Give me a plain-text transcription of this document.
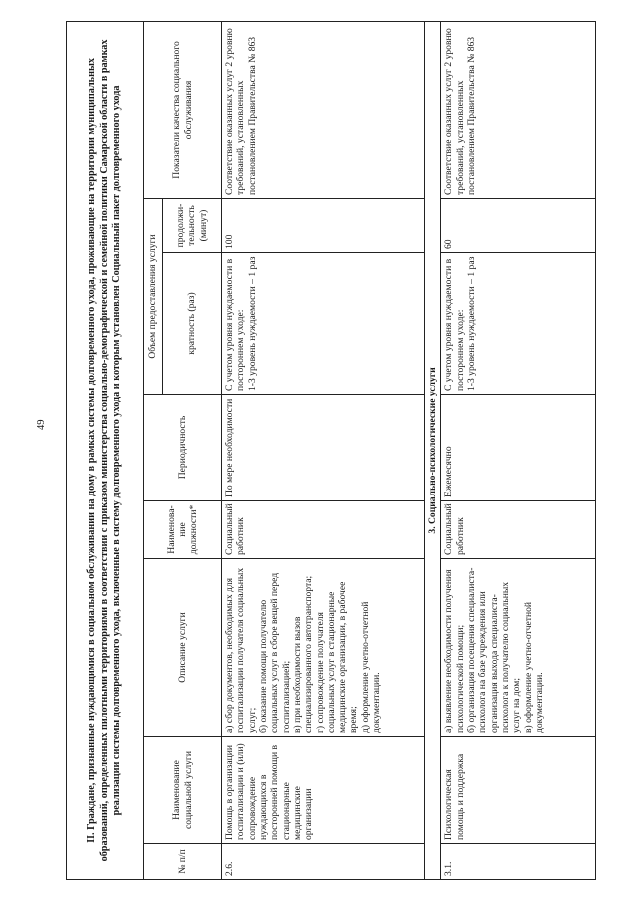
49	II. Граждане, признанные нуждающимися в социальном обслуживании на дому в рамках системы долговременного ухода, проживающие на территории муниципальных образований, определенных пилотными территориями в соответствии с приказом министерства социально-демографической и семейной политики Самарской области в рамках реализации системы долговременного ухода, включенные в систему долговременного ухода и которым установлен Социальный пакет долговременного ухода							
№ п/п	Наименование социальной услуги	Описание услуги	Наименова-ние должности*	Периодичность	Объем предоставления услуги		Показатели качества социального обслуживания
					кратность (раз)	продолжи-тельность (минут)	
2.6.	Помощь в организации госпитализации и (или) сопровождение нуждающихся в посторонней помощи в стационарные медицинские организации	а) сбор документов, необходимых для госпитализации получателя социальных услуг;
б) оказание помощи получателю социальных услуг в сборе вещей перед госпитализацией;
в) при необходимости вызов специализированного автотранспорта;
г) сопровождение получателя социальных услуг в стационарные медицинские организации, в рабочее время;
д) оформление учетно-отчетной документации.	Социальный работник	По мере необходимости	С учетом уровня нуждаемости в постороннем уходе:
1-3 уровень нуждаемости – 1 раз	100	Соответствие оказанных услуг 2 уровню требований, установленных постановлением Правительства № 863
3. Социально-психологические услуги							
3.1.	Психологическая помощь и поддержка	а) выявление необходимости получения психологической помощи;
б) организация посещения специалиста-психолога на базе учреждения или организация выхода специалиста-психолога к получателю социальных услуг на дом;
в) оформление учетно-отчетной документации.	Социальный работник	Ежемесячно	С учетом уровня нуждаемости в постороннем уходе:
1-3 уровень нуждаемости – 1 раз	60	Соответствие оказанных услуг 2 уровню требований, установленных постановлением Правительства № 863
